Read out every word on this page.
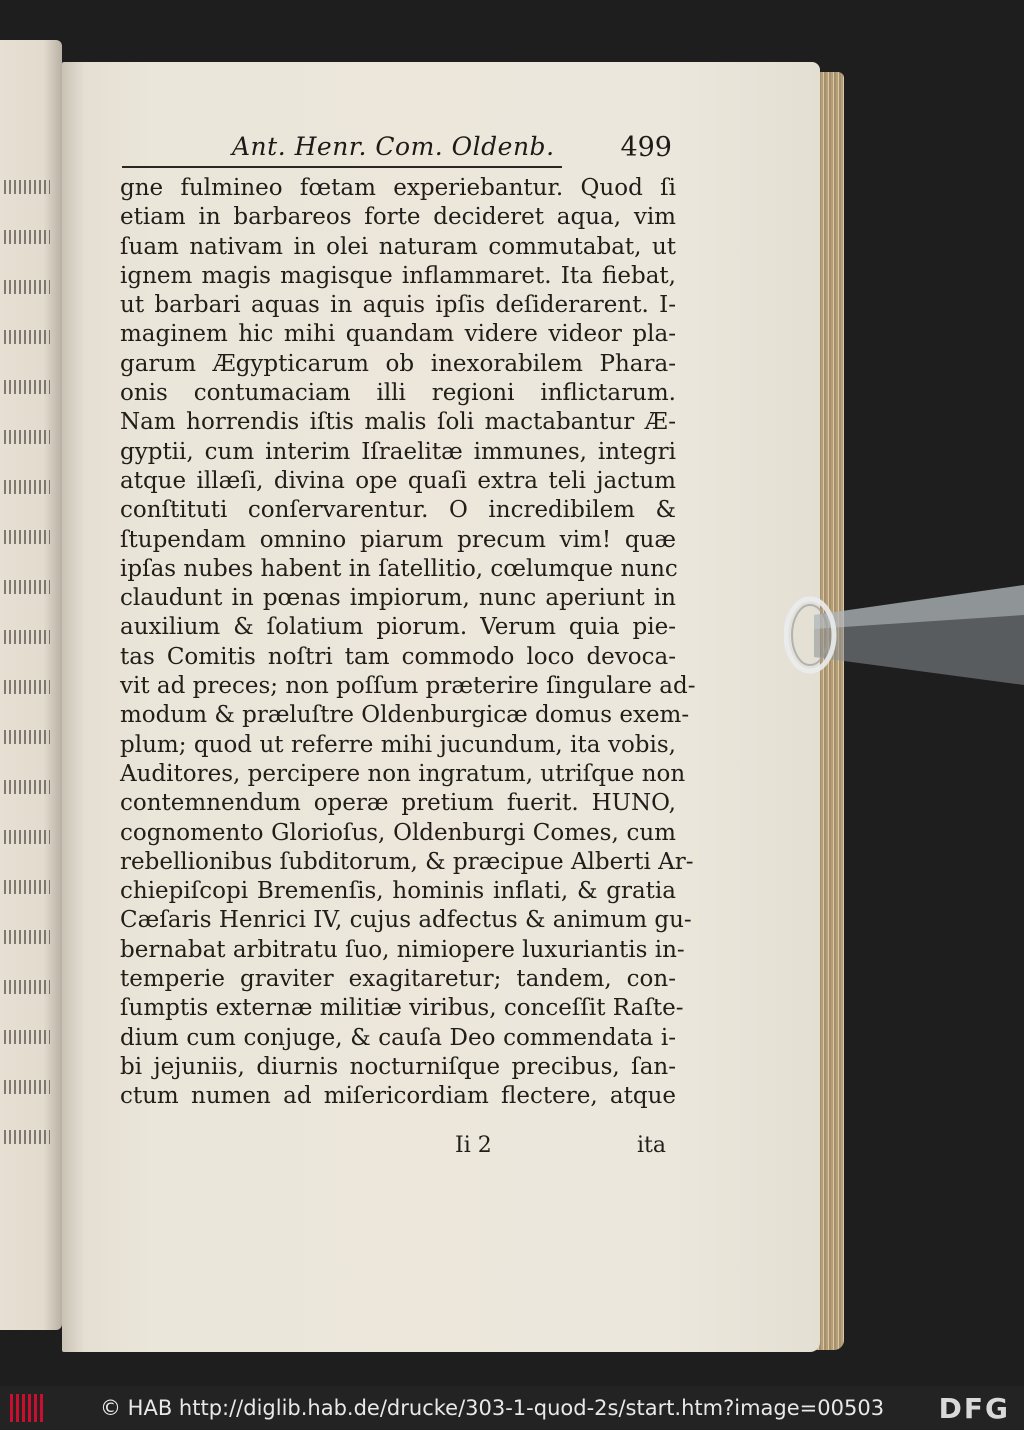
Ant. Henr. Com. Oldenb. 499
gne fulmineo fœtam experiebantur. Quod ſi
etiam in barbareos forte decideret aqua, vim
ſuam nativam in olei naturam commutabat, ut
ignem magis magisque inflammaret. Ita fiebat,
ut barbari aquas in aquis ipſis deſiderarent. I-
maginem hic mihi quandam videre videor pla-
garum Ægypticarum ob inexorabilem Phara-
onis contumaciam illi regioni inflictarum.
Nam horrendis iſtis malis ſoli mactabantur Æ-
gyptii, cum interim Iſraelitæ immunes, integri
atque illæſi, divina ope quaſi extra teli jactum
conſtituti conſervarentur. O incredibilem &
ſtupendam omnino piarum precum vim! quæ
ipſas nubes habent in ſatellitio, cœlumque nunc
claudunt in pœnas impiorum, nunc aperiunt in
auxilium & ſolatium piorum. Verum quia pie-
tas Comitis noſtri tam commodo loco devoca-
vit ad preces; non poſſum præterire ſingulare ad-
modum & præluſtre Oldenburgicæ domus exem-
plum; quod ut referre mihi jucundum, ita vobis,
Auditores, percipere non ingratum, utriſque non
contemnendum operæ pretium fuerit. HUNO,
cognomento Glorioſus, Oldenburgi Comes, cum
rebellionibus ſubditorum, & præcipue Alberti Ar-
chiepiſcopi Bremenſis, hominis inflati, & gratia
Cæſaris Henrici IV, cujus adfectus & animum gu-
bernabat arbitratu ſuo, nimiopere luxuriantis in-
temperie graviter exagitaretur; tandem, con-
ſumptis externæ militiæ viribus, conceſſit Raſte-
dium cum conjuge, & cauſa Deo commendata i-
bi jejuniis, diurnis nocturniſque precibus, ſan-
ctum numen ad miſericordiam flectere, atque
Ii 2	ita
© HAB http://diglib.hab.de/drucke/303-1-quod-2s/start.htm?image=00503 DFG
